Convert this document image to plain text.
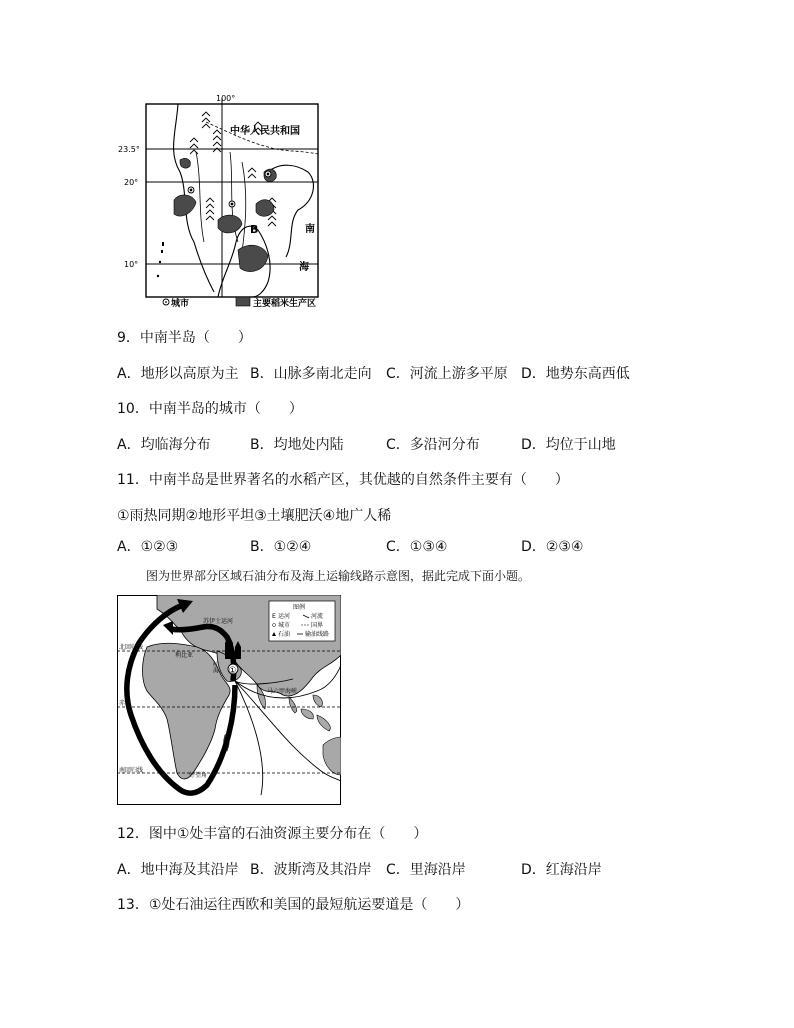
100°
23.5°
20°
10°
中华人民共和国
B	南
海
城市	主要稻米生产区
9．中南半岛（　　）
A．地形以高原为主 B．山脉多南北走向 C．河流上游多平原 D．地势东高西低
10．中南半岛的城市（　　）
A．均临海分布	B．均地处内陆	C．多沿河分布	D．均位于山地
11．中南半岛是世界著名的水稻产区，其优越的自然条件主要有（　　）
①雨热同期②地形平坦③土壤肥沃④地广人稀
A．①②③	B．①②④	C．①③④	D．②③④
图为世界部分区域石油分布及海上运输线路示意图，据此完成下面小题。
①
图例
E 运河	河流
城市	国界
石油 输油线路
苏伊士运河
北回归线
利比亚
红海
马六甲海峡
赤道
南回归线
好望角
12．图中①处丰富的石油资源主要分布在（　　）
A．地中海及其沿岸 B．波斯湾及其沿岸 C．里海沿岸	D．红海沿岸
13．①处石油运往西欧和美国的最短航运要道是（　　）
